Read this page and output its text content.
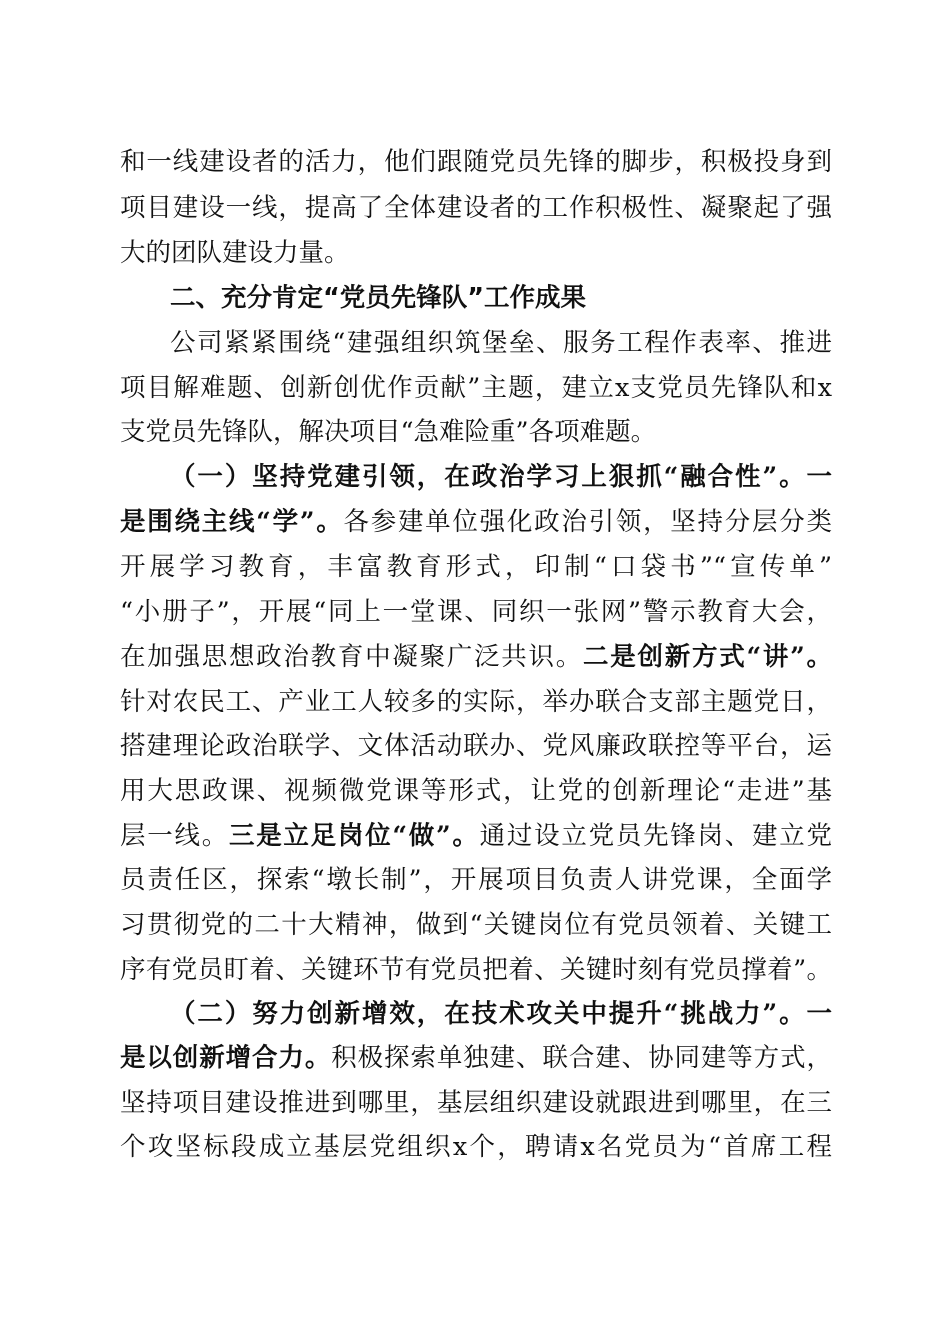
和一线建设者的活力，他们跟随党员先锋的脚步，积极投身到
项目建设一线，提高了全体建设者的工作积极性、凝聚起了强
大的团队建设力量。
二、充分肯定“党员先锋队”工作成果
公司紧紧围绕“建强组织筑堡垒、服务工程作表率、推进
项目解难题、创新创优作贡献”主题，建立x支党员先锋队和x
支党员先锋队，解决项目“急难险重”各项难题。
（一）坚持党建引领，在政治学习上狠抓“融合性”。一
是围绕主线“学”。各参建单位强化政治引领，坚持分层分类
开展学习教育，丰富教育形式，印制“口袋书”“宣传单”
“小册子”，开展“同上一堂课、同织一张网”警示教育大会，
在加强思想政治教育中凝聚广泛共识。二是创新方式“讲”。
针对农民工、产业工人较多的实际，举办联合支部主题党日，
搭建理论政治联学、文体活动联办、党风廉政联控等平台，运
用大思政课、视频微党课等形式，让党的创新理论“走进”基
层一线。三是立足岗位“做”。通过设立党员先锋岗、建立党
员责任区，探索“墩长制”，开展项目负责人讲党课，全面学
习贯彻党的二十大精神，做到“关键岗位有党员领着、关键工
序有党员盯着、关键环节有党员把着、关键时刻有党员撑着”。
（二）努力创新增效，在技术攻关中提升“挑战力”。一
是以创新增合力。积极探索单独建、联合建、协同建等方式，
坚持项目建设推进到哪里，基层组织建设就跟进到哪里，在三
个攻坚标段成立基层党组织x个，聘请x名党员为“首席工程
